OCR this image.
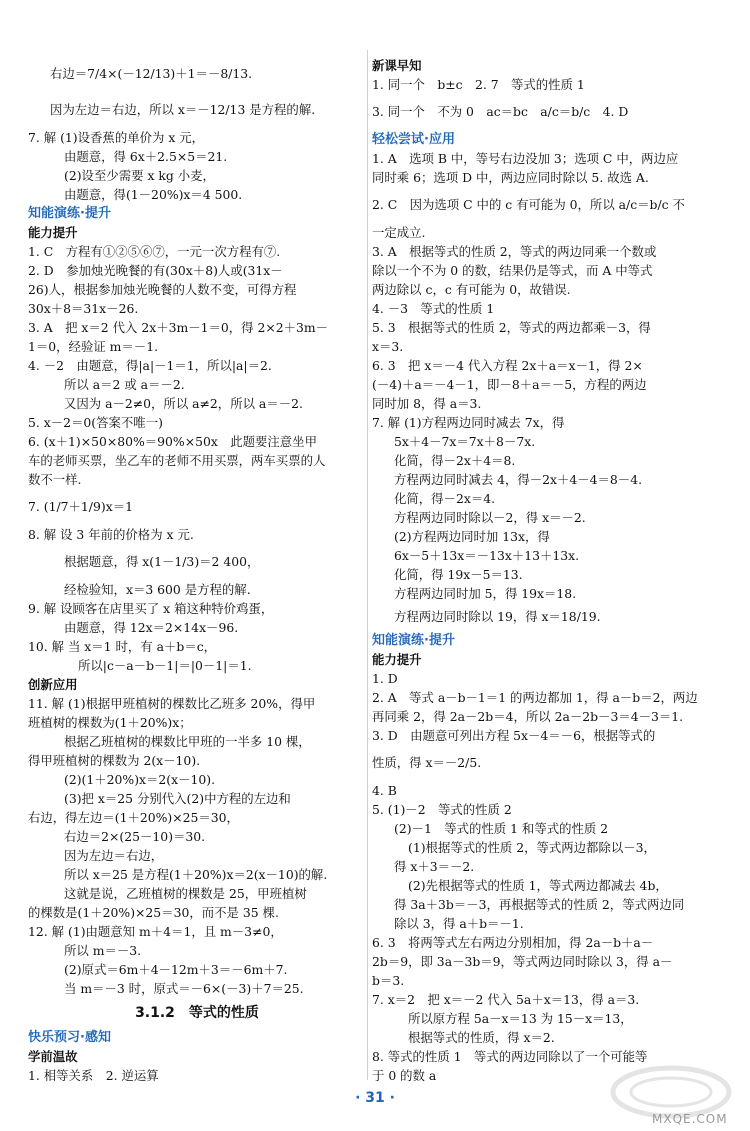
右边＝7/4×(－12/13)＋1＝－8/13.
因为左边＝右边，所以 x＝－12/13 是方程的解.
7. 解 (1)设香蕉的单价为 x 元，
由题意，得 6x＋2.5×5＝21.
(2)设至少需要 x kg 小麦，
由题意，得(1－20%)x＝4 500.
知能演练·提升
能力提升
1. C　方程有①②⑤⑥⑦，一元一次方程有⑦.
2. D　参加烛光晚餐的有(30x＋8)人或(31x－
26)人，根据参加烛光晚餐的人数不变，可得方程
30x＋8＝31x－26.
3. A　把 x＝2 代入 2x＋3m－1＝0，得 2×2＋3m－
1＝0，经验证 m＝－1.
4. －2　由题意，得|a|－1＝1，所以|a|＝2.
所以 a＝2 或 a＝－2.
又因为 a－2≠0，所以 a≠2，所以 a＝－2.
5. x－2＝0(答案不唯一)
6. (x＋1)×50×80%＝90%×50x　此题要注意坐甲
车的老师买票，坐乙车的老师不用买票，两车买票的人
数不一样.
7. (1/7＋1/9)x＝1
8. 解 设 3 年前的价格为 x 元.
根据题意，得 x(1－1/3)＝2 400，
经检验知，x＝3 600 是方程的解.
9. 解 设顾客在店里买了 x 箱这种特价鸡蛋，
由题意，得 12x＝2×14x－96.
10. 解 当 x＝1 时，有 a＋b＝c，
所以|c－a－b－1|＝|0－1|＝1.
创新应用
11. 解 (1)根据甲班植树的棵数比乙班多 20%，得甲
班植树的棵数为(1＋20%)x；
根据乙班植树的棵数比甲班的一半多 10 棵，
得甲班植树的棵数为 2(x－10).
(2)(1＋20%)x＝2(x－10).
(3)把 x＝25 分别代入(2)中方程的左边和
右边，得左边＝(1＋20%)×25＝30，
右边＝2×(25－10)＝30.
因为左边＝右边，
所以 x＝25 是方程(1＋20%)x＝2(x－10)的解.
这就是说，乙班植树的棵数是 25，甲班植树
的棵数是(1＋20%)×25＝30，而不是 35 棵.
12. 解 (1)由题意知 m＋4＝1，且 m－3≠0，
所以 m＝－3.
(2)原式＝6m＋4－12m＋3＝－6m＋7.
当 m＝－3 时，原式＝－6×(－3)＋7＝25.
3.1.2　等式的性质
快乐预习·感知
学前温故
1. 相等关系　2. 逆运算
新课早知
1. 同一个　b±c　2. 7　等式的性质 1
3. 同一个　不为 0　ac＝bc　a/c＝b/c　4. D
轻松尝试·应用
1. A　选项 B 中，等号右边没加 3；选项 C 中，两边应
同时乘 6；选项 D 中，两边应同时除以 5. 故选 A.
2. C　因为选项 C 中的 c 有可能为 0，所以 a/c＝b/c 不
一定成立.
3. A　根据等式的性质 2，等式的两边同乘一个数或
除以一个不为 0 的数，结果仍是等式，而 A 中等式
两边除以 c，c 有可能为 0，故错误.
4. －3　等式的性质 1
5. 3　根据等式的性质 2，等式的两边都乘－3，得
x＝3.
6. 3　把 x＝－4 代入方程 2x＋a＝x－1，得 2×
(－4)＋a＝－4－1，即－8＋a＝－5，方程的两边
同时加 8，得 a＝3.
7. 解 (1)方程两边同时减去 7x，得
5x＋4－7x＝7x＋8－7x.
化简，得－2x＋4＝8.
方程两边同时减去 4，得－2x＋4－4＝8－4.
化简，得－2x＝4.
方程两边同时除以－2，得 x＝－2.
(2)方程两边同时加 13x，得
6x－5＋13x＝－13x＋13＋13x.
化简，得 19x－5＝13.
方程两边同时加 5，得 19x＝18.
方程两边同时除以 19，得 x＝18/19.
知能演练·提升
能力提升
1. D
2. A　等式 a－b－1＝1 的两边都加 1，得 a－b＝2，两边
再同乘 2，得 2a－2b＝4，所以 2a－2b－3＝4－3＝1.
3. D　由题意可列出方程 5x－4＝－6，根据等式的
性质，得 x＝－2/5.
4. B
5. (1)－2　等式的性质 2
(2)－1　等式的性质 1 和等式的性质 2
(1)根据等式的性质 2，等式两边都除以－3，
得 x＋3＝－2.
(2)先根据等式的性质 1，等式两边都减去 4b，
得 3a＋3b＝－3，再根据等式的性质 2，等式两边同
除以 3，得 a＋b＝－1.
6. 3　将两等式左右两边分别相加，得 2a－b＋a－
2b＝9，即 3a－3b＝9，等式两边同时除以 3，得 a－
b＝3.
7. x＝2　把 x＝－2 代入 5a＋x＝13，得 a＝3.
所以原方程 5a－x＝13 为 15－x＝13，
根据等式的性质，得 x＝2.
8. 等式的性质 1　等式的两边同除以了一个可能等
于 0 的数 a
MXQE.COM
· 31 ·
